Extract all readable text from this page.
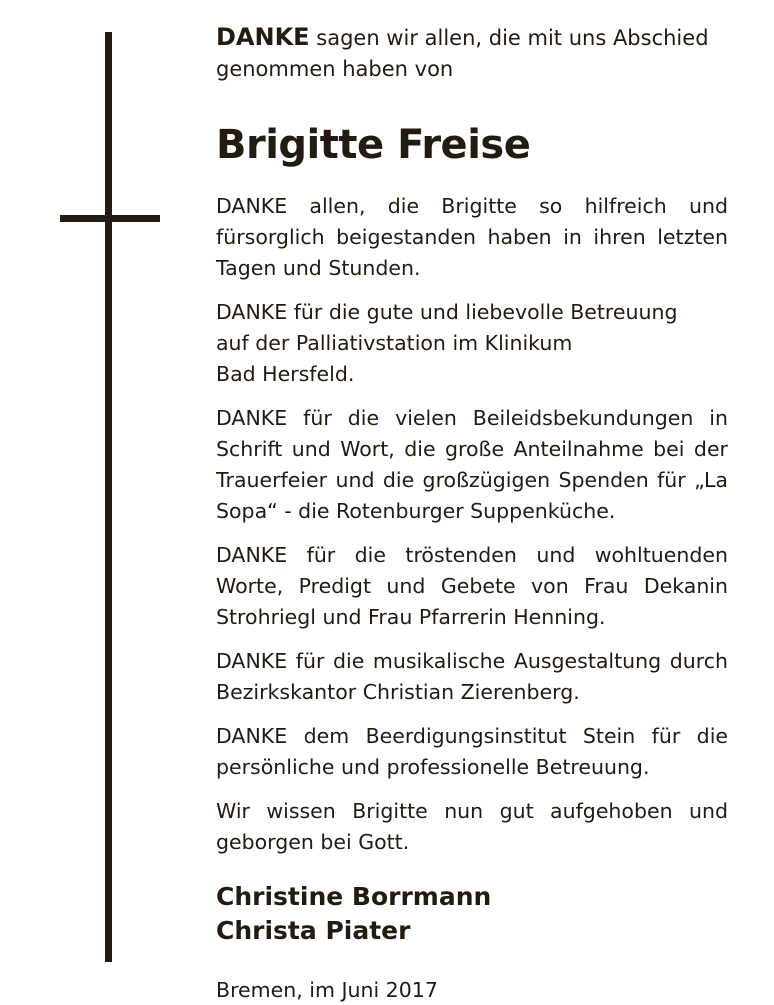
DANKE sagen wir allen, die mit uns Abschied
genommen haben von

Brigitte Freise

DANKE allen, die Brigitte so hilfreich und fürsorglich beigestanden haben in ihren letzten Tagen und Stunden.

DANKE für die gute und liebevolle Betreuung
auf der Palliativstation im Klinikum
Bad Hersfeld.

DANKE für die vielen Beileidsbekundungen in Schrift und Wort, die große Anteilnahme bei der Trauerfeier und die großzügigen Spenden für „La Sopa“ - die Rotenburger Suppenküche.

DANKE für die tröstenden und wohltuenden Worte, Predigt und Gebete von Frau Dekanin Strohriegl und Frau Pfarrerin Henning.

DANKE für die musikalische Ausgestaltung durch Bezirkskantor Christian Zierenberg.

DANKE dem Beerdigungsinstitut Stein für die persönliche und professionelle Betreuung.

Wir wissen Brigitte nun gut aufgehoben und geborgen bei Gott.

Christine Borrmann
Christa Piater
Bremen, im Juni 2017
